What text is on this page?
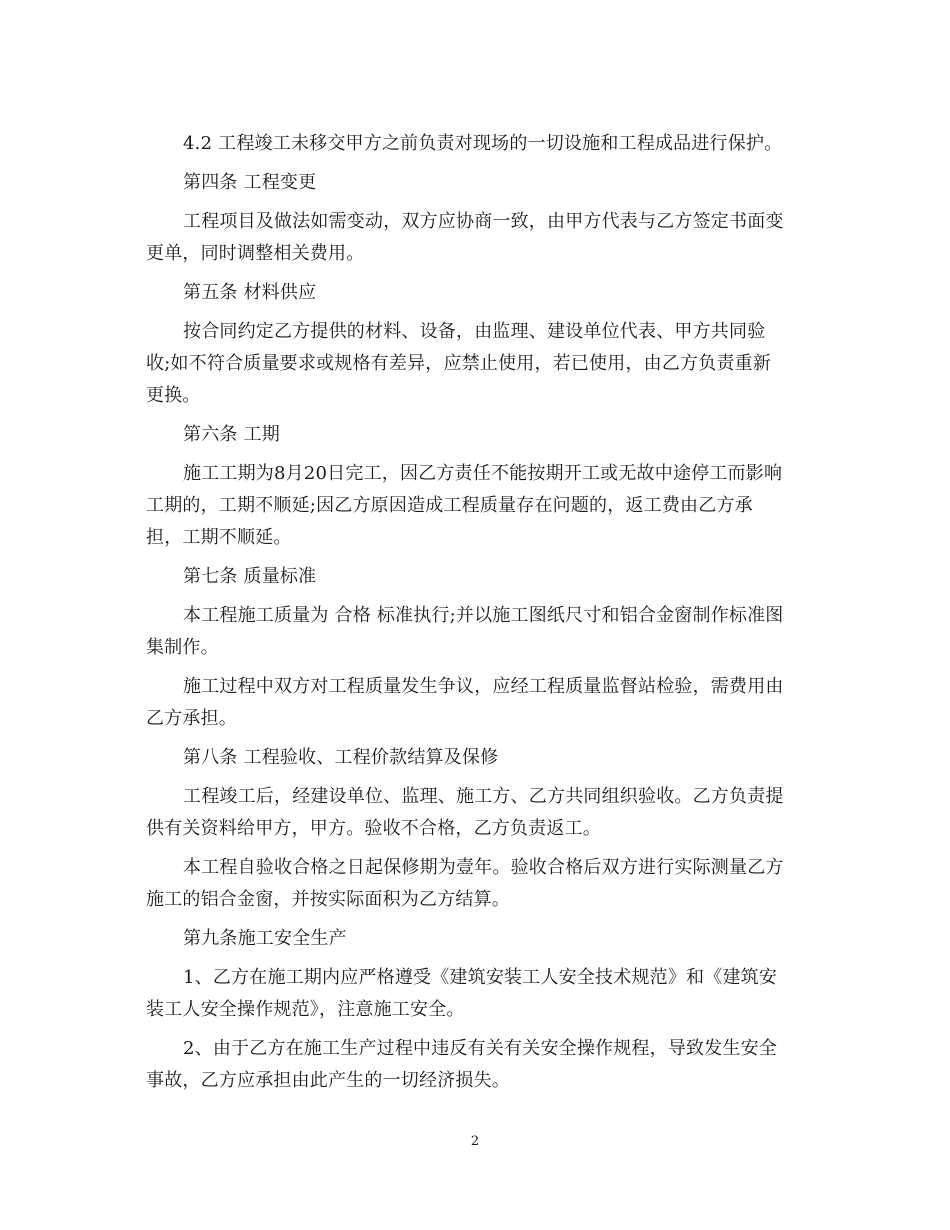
4.2 工程竣工未移交甲方之前负责对现场的一切设施和工程成品进行保护。
第四条 工程变更
工程项目及做法如需变动，双方应协商一致，由甲方代表与乙方签定书面变
更单，同时调整相关费用。
第五条 材料供应
按合同约定乙方提供的材料、设备，由监理、建设单位代表、甲方共同验
收;如不符合质量要求或规格有差异，应禁止使用，若已使用，由乙方负责重新
更换。
第六条 工期
施工工期为8月20日完工，因乙方责任不能按期开工或无故中途停工而影响
工期的，工期不顺延;因乙方原因造成工程质量存在问题的，返工费由乙方承
担，工期不顺延。
第七条 质量标准
本工程施工质量为 合格 标准执行;并以施工图纸尺寸和铝合金窗制作标准图
集制作。
施工过程中双方对工程质量发生争议，应经工程质量监督站检验，需费用由
乙方承担。
第八条 工程验收、工程价款结算及保修
工程竣工后，经建设单位、监理、施工方、乙方共同组织验收。乙方负责提
供有关资料给甲方，甲方。验收不合格，乙方负责返工。
本工程自验收合格之日起保修期为壹年。验收合格后双方进行实际测量乙方
施工的铝合金窗，并按实际面积为乙方结算。
第九条施工安全生产
1、乙方在施工期内应严格遵受《建筑安装工人安全技术规范》和《建筑安
装工人安全操作规范》，注意施工安全。
2、由于乙方在施工生产过程中违反有关有关安全操作规程，导致发生安全
事故，乙方应承担由此产生的一切经济损失。
2
